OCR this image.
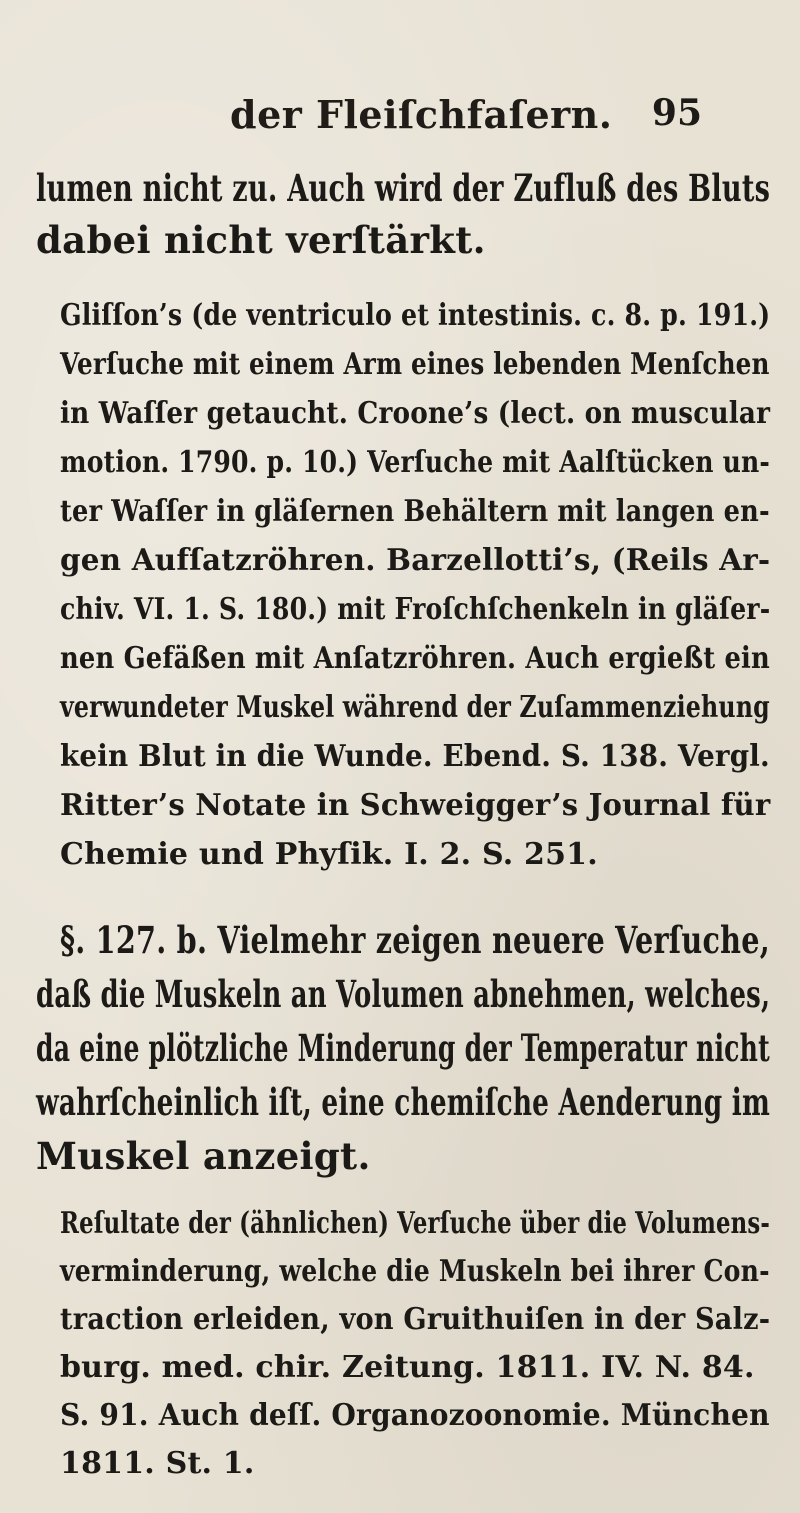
der Fleiſchfaſern. 95
lumen nicht zu. Auch wird der Zufluß des Bluts
dabei nicht verſtärkt.
Gliſſon’s (de ventriculo et intestinis. c. 8. p. 191.)
Verſuche mit einem Arm eines lebenden Menſchen
in Waſſer getaucht. Croone’s (lect. on muscular
motion. 1790. p. 10.) Verſuche mit Aalſtücken un-
ter Waſſer in gläſernen Behältern mit langen en-
gen Aufſatzröhren. Barzellotti’s, (Reils Ar-
chiv. VI. 1. S. 180.) mit Froſchſchenkeln in gläſer-
nen Gefäßen mit Anſatzröhren. Auch ergießt ein
verwundeter Muskel während der Zuſammenziehung
kein Blut in die Wunde. Ebend. S. 138. Vergl.
Ritter’s Notate in Schweigger’s Journal für
Chemie und Phyſik. I. 2. S. 251.
§. 127. b. Vielmehr zeigen neuere Verſuche,
daß die Muskeln an Volumen abnehmen, welches,
da eine plötzliche Minderung der Temperatur nicht
wahrſcheinlich iſt, eine chemiſche Aenderung im
Muskel anzeigt.
Reſultate der (ähnlichen) Verſuche über die Volumens-
verminderung, welche die Muskeln bei ihrer Con-
traction erleiden, von Gruithuiſen in der Salz-
burg. med. chir. Zeitung. 1811. IV. N. 84.
S. 91. Auch deſſ. Organozoonomie. München
1811. St. 1.
